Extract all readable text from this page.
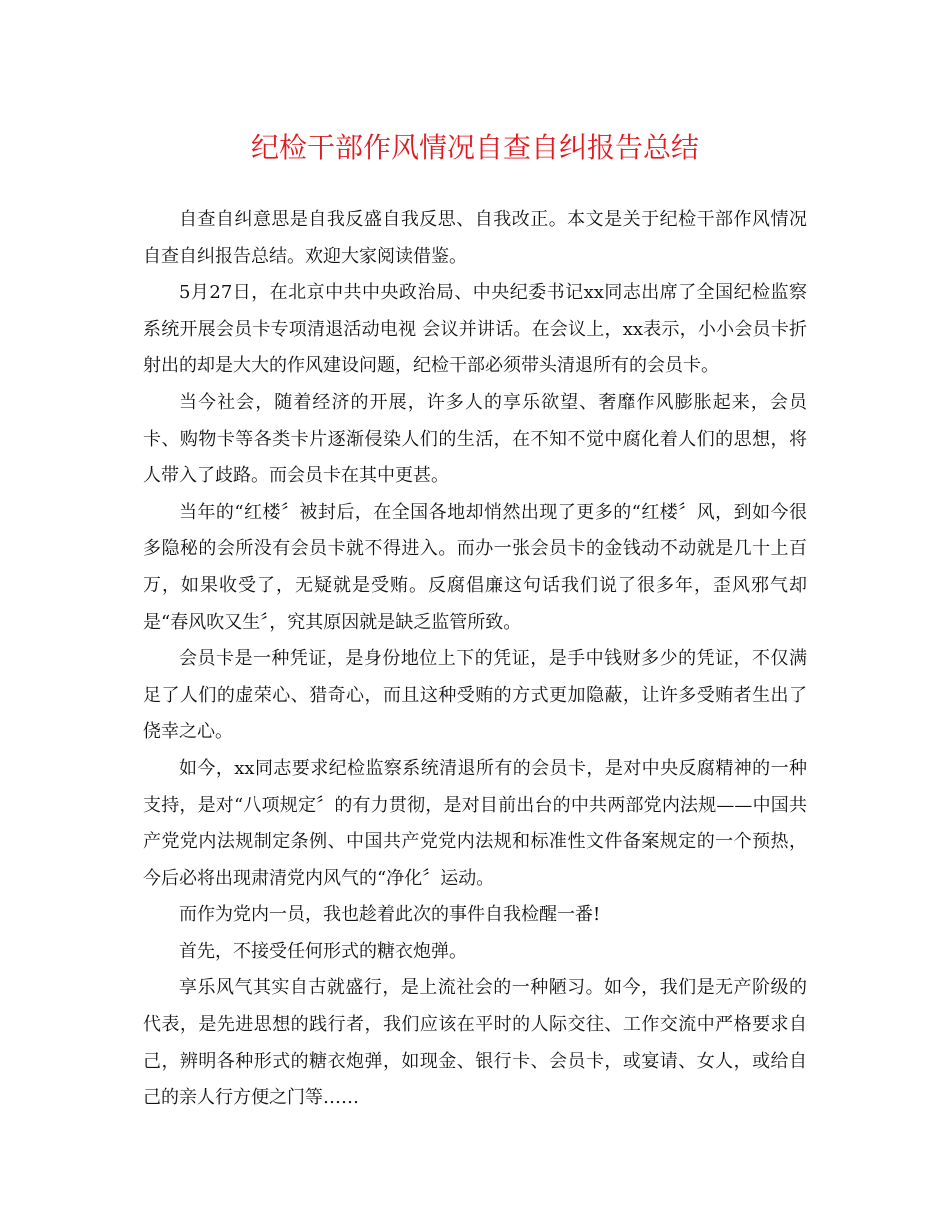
纪检干部作风情况自查自纠报告总结

自查自纠意思是自我反盛自我反思、自我改正。本文是关于纪检干部作风情况自查自纠报告总结。欢迎大家阅读借鉴。

5月27日，在北京中共中央政治局、中央纪委书记xx同志出席了全国纪检监察系统开展会员卡专项清退活动电视 会议并讲话。在会议上，xx表示，小小会员卡折射出的却是大大的作风建设问题，纪检干部必须带头清退所有的会员卡。

当今社会，随着经济的开展，许多人的享乐欲望、奢靡作风膨胀起来，会员卡、购物卡等各类卡片逐渐侵染人们的生活，在不知不觉中腐化着人们的思想，将人带入了歧路。而会员卡在其中更甚。

当年的“红楼〞被封后，在全国各地却悄然出现了更多的“红楼〞风，到如今很多隐秘的会所没有会员卡就不得进入。而办一张会员卡的金钱动不动就是几十上百万，如果收受了，无疑就是受贿。反腐倡廉这句话我们说了很多年，歪风邪气却是“春风吹又生〞，究其原因就是缺乏监管所致。

会员卡是一种凭证，是身份地位上下的凭证，是手中钱财多少的凭证，不仅满足了人们的虚荣心、猎奇心，而且这种受贿的方式更加隐蔽，让许多受贿者生出了侥幸之心。

如今，xx同志要求纪检监察系统清退所有的会员卡，是对中央反腐精神的一种支持，是对“八项规定〞的有力贯彻，是对目前出台的中共两部党内法规——中国共产党党内法规制定条例、中国共产党党内法规和标准性文件备案规定的一个预热，今后必将出现肃清党内风气的“净化〞运动。

而作为党内一员，我也趁着此次的事件自我检醒一番!

首先，不接受任何形式的糖衣炮弹。

享乐风气其实自古就盛行，是上流社会的一种陋习。如今，我们是无产阶级的代表，是先进思想的践行者，我们应该在平时的人际交往、工作交流中严格要求自己，辨明各种形式的糖衣炮弹，如现金、银行卡、会员卡，或宴请、女人，或给自己的亲人行方便之门等……
